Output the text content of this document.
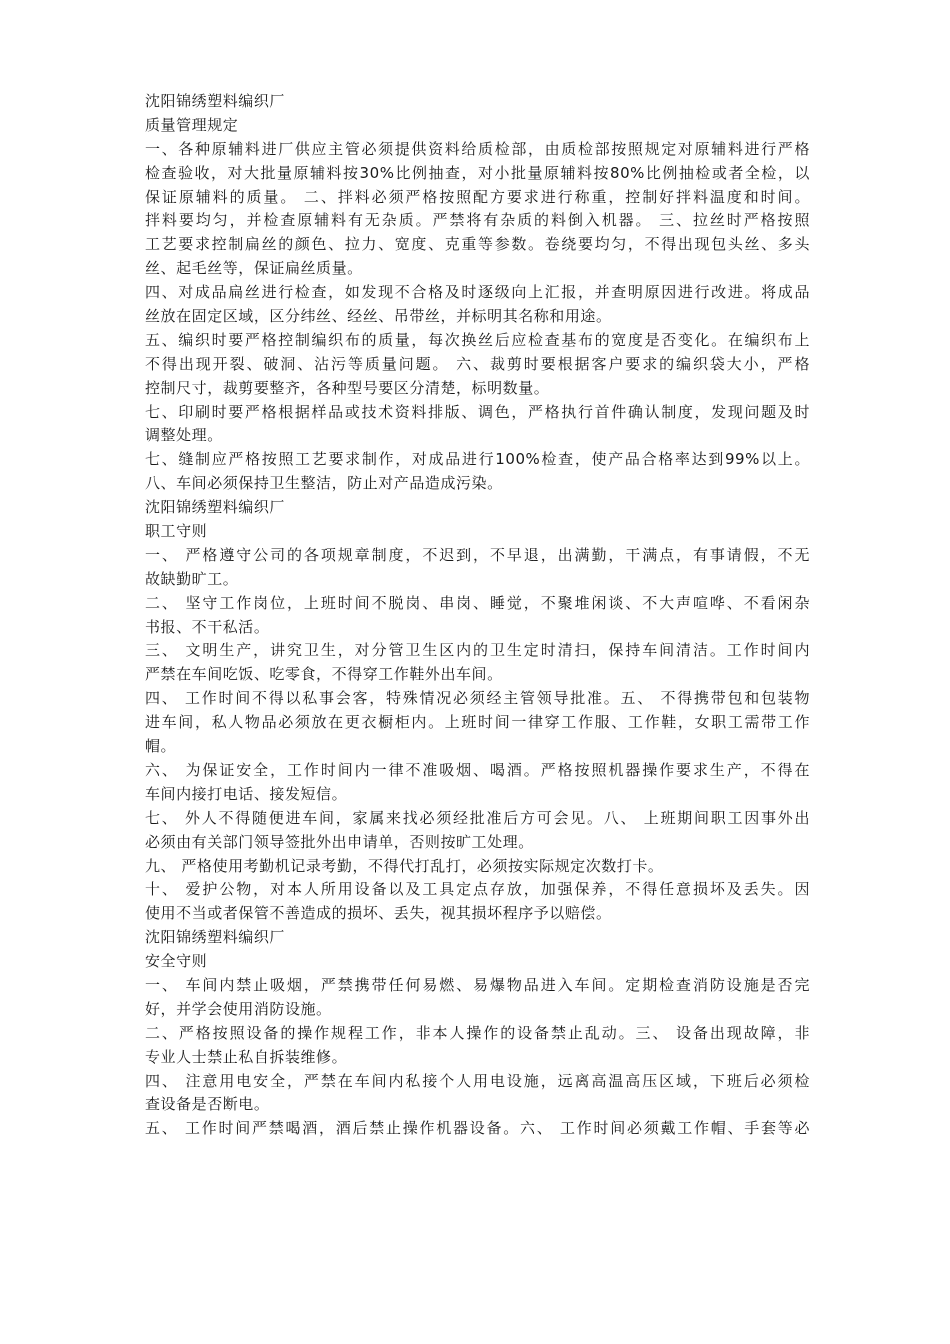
沈阳锦绣塑料编织厂
质量管理规定
一、各种原辅料进厂供应主管必须提供资料给质检部，由质检部按照规定对原辅料进行严格
检查验收，对大批量原辅料按30%比例抽查，对小批量原辅料按80%比例抽检或者全检，以
保证原辅料的质量。 二、拌料必须严格按照配方要求进行称重，控制好拌料温度和时间。
拌料要均匀，并检查原辅料有无杂质。严禁将有杂质的料倒入机器。 三、拉丝时严格按照
工艺要求控制扁丝的颜色、拉力、宽度、克重等参数。卷绕要均匀，不得出现包头丝、多头
丝、起毛丝等，保证扁丝质量。
四、对成品扁丝进行检查，如发现不合格及时逐级向上汇报，并查明原因进行改进。将成品
丝放在固定区域，区分纬丝、经丝、吊带丝，并标明其名称和用途。
五、编织时要严格控制编织布的质量，每次换丝后应检查基布的宽度是否变化。在编织布上
不得出现开裂、破洞、沾污等质量问题。 六、裁剪时要根据客户要求的编织袋大小，严格
控制尺寸，裁剪要整齐，各种型号要区分清楚，标明数量。
七、印刷时要严格根据样品或技术资料排版、调色，严格执行首件确认制度，发现问题及时
调整处理。
七、缝制应严格按照工艺要求制作，对成品进行100%检查，使产品合格率达到99%以上。
八、车间必须保持卫生整洁，防止对产品造成污染。
沈阳锦绣塑料编织厂
职工守则
一、 严格遵守公司的各项规章制度，不迟到，不早退，出满勤，干满点，有事请假，不无
故缺勤旷工。
二、 坚守工作岗位，上班时间不脱岗、串岗、睡觉，不聚堆闲谈、不大声喧哗、不看闲杂
书报、不干私活。
三、 文明生产，讲究卫生，对分管卫生区内的卫生定时清扫，保持车间清洁。工作时间内
严禁在车间吃饭、吃零食，不得穿工作鞋外出车间。
四、 工作时间不得以私事会客，特殊情况必须经主管领导批准。五、 不得携带包和包装物
进车间，私人物品必须放在更衣橱柜内。上班时间一律穿工作服、工作鞋，女职工需带工作
帽。
六、 为保证安全，工作时间内一律不准吸烟、喝酒。严格按照机器操作要求生产，不得在
车间内接打电话、接发短信。
七、 外人不得随便进车间，家属来找必须经批准后方可会见。八、 上班期间职工因事外出
必须由有关部门领导签批外出申请单，否则按旷工处理。
九、 严格使用考勤机记录考勤，不得代打乱打，必须按实际规定次数打卡。
十、 爱护公物，对本人所用设备以及工具定点存放，加强保养，不得任意损坏及丢失。因
使用不当或者保管不善造成的损坏、丢失，视其损坏程序予以赔偿。
沈阳锦绣塑料编织厂
安全守则
一、 车间内禁止吸烟，严禁携带任何易燃、易爆物品进入车间。定期检查消防设施是否完
好，并学会使用消防设施。
二、严格按照设备的操作规程工作，非本人操作的设备禁止乱动。三、 设备出现故障，非
专业人士禁止私自拆装维修。
四、 注意用电安全，严禁在车间内私接个人用电设施，远离高温高压区域，下班后必须检
查设备是否断电。
五、 工作时间严禁喝酒，酒后禁止操作机器设备。六、 工作时间必须戴工作帽、手套等必
